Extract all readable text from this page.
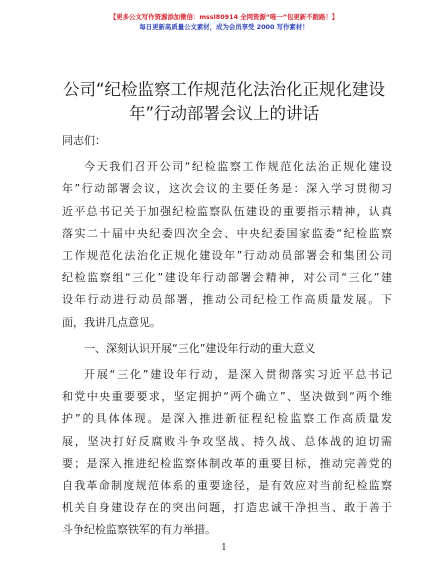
【更多公文写作资源添加微信：mssl80914 全网资源“唯一”包更新不跑路！】
每日更新高质量公文素材，成为会员享受 2000 写作素材！
公司“纪检监察工作规范化法治化正规化建设
年”行动部署会议上的讲话
同志们：
今天我们召开公司“纪检监察工作规范化法治正规化建设
年”行动部署会议，这次会议的主要任务是：深入学习贯彻习
近平总书记关于加强纪检监察队伍建设的重要指示精神，认真
落实二十届中央纪委四次全会、中央纪委国家监委“纪检监察
工作规范化法治化正规化建设年”行动动员部署会和集团公司
纪检监察组“三化”建设年行动部署会精神，对公司“三化”建
设年行动进行动员部署，推动公司纪检工作高质量发展。下
面，我讲几点意见。
一、深刻认识开展“三化”建设年行动的重大意义
开展“三化”建设年行动，是深入贯彻落实习近平总书记
和党中央重要要求，坚定拥护“两个确立”、坚决做到“两个维
护”的具体体现。是深入推进新征程纪检监察工作高质量发
展，坚决打好反腐败斗争攻坚战、持久战、总体战的迫切需
要；是深入推进纪检监察体制改革的重要目标，推动完善党的
自我革命制度规范体系的重要途径，是有效应对当前纪检监察
机关自身建设存在的突出问题，打造忠诚干净担当、敢于善于
斗争纪检监察铁军的有力举措。
1
